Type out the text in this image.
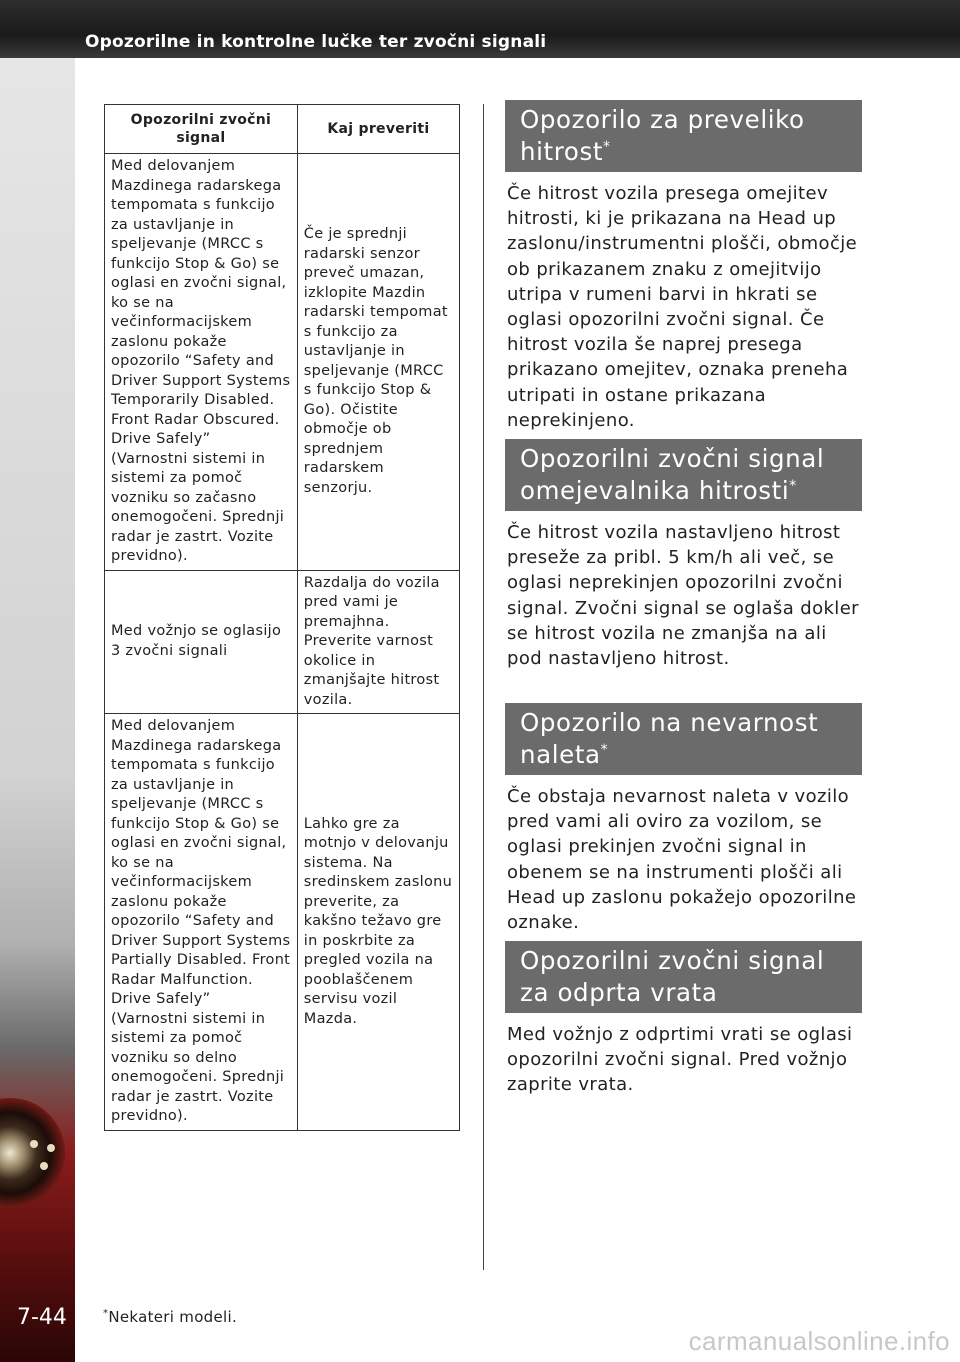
Opozorilne in kontrolne lučke ter zvočni signali
7-44
Opozorilni zvočni signal	Kaj preveriti
Med delovanjem Mazdinega radarskega tempomata s funkcijo za ustavljanje in speljevanje (MRCC s funkcijo Stop & Go) se oglasi en zvočni signal, ko se na večinformacijskem zaslonu pokaže opozorilo “Safety and Driver Support Systems Temporarily Disabled. Front Radar Obscured. Drive Safely” (Varnostni sistemi in sistemi za pomoč vozniku so začasno onemogočeni. Sprednji radar je zastrt. Vozite previdno).	Če je sprednji radarski senzor preveč umazan, izklopite Mazdin radarski tempomat s funkcijo za ustavljanje in speljevanje (MRCC s funkcijo Stop & Go). Očistite območje ob sprednjem radarskem senzorju.
Med vožnjo se oglasijo 3 zvočni signali	Razdalja do vozila pred vami je premajhna. Preverite varnost okolice in zmanjšajte hitrost vozila.
Med delovanjem Mazdinega radarskega tempomata s funkcijo za ustavljanje in speljevanje (MRCC s funkcijo Stop & Go) se oglasi en zvočni signal, ko se na večinformacijskem zaslonu pokaže opozorilo “Safety and Driver Support Systems Partially Disabled. Front Radar Malfunction. Drive Safely” (Varnostni sistemi in sistemi za pomoč vozniku so delno onemogočeni. Sprednji radar je zastrt. Vozite previdno).	Lahko gre za motnjo v delovanju sistema. Na sredinskem zaslonu preverite, za kakšno težavo gre in poskrbite za pregled vozila na pooblaščenem servisu vozil Mazda.
Opozorilo za preveliko hitrost*

Če hitrost vozila presega omejitev hitrosti, ki je prikazana na Head up zaslonu/instrumentni plošči, območje ob prikazanem znaku z omejitvijo utripa v rumeni barvi in hkrati se oglasi opozorilni zvočni signal. Če hitrost vozila še naprej presega prikazano omejitev, oznaka preneha utripati in ostane prikazana neprekinjeno.

Opozorilni zvočni signal omejevalnika hitrosti*

Če hitrost vozila nastavljeno hitrost preseže za pribl. 5 km/h ali več, se oglasi neprekinjen opozorilni zvočni signal. Zvočni signal se oglaša dokler se hitrost vozila ne zmanjša na ali pod nastavljeno hitrost.

Opozorilo na nevarnost naleta*

Če obstaja nevarnost naleta v vozilo pred vami ali oviro za vozilom, se oglasi prekinjen zvočni signal in obenem se na instrumenti plošči ali Head up zaslonu pokažejo opozorilne oznake.

Opozorilni zvočni signal za odprta vrata

Med vožnjo z odprtimi vrati se oglasi opozorilni zvočni signal. Pred vožnjo zaprite vrata.

*Nekateri modeli.
carmanualsonline.info
